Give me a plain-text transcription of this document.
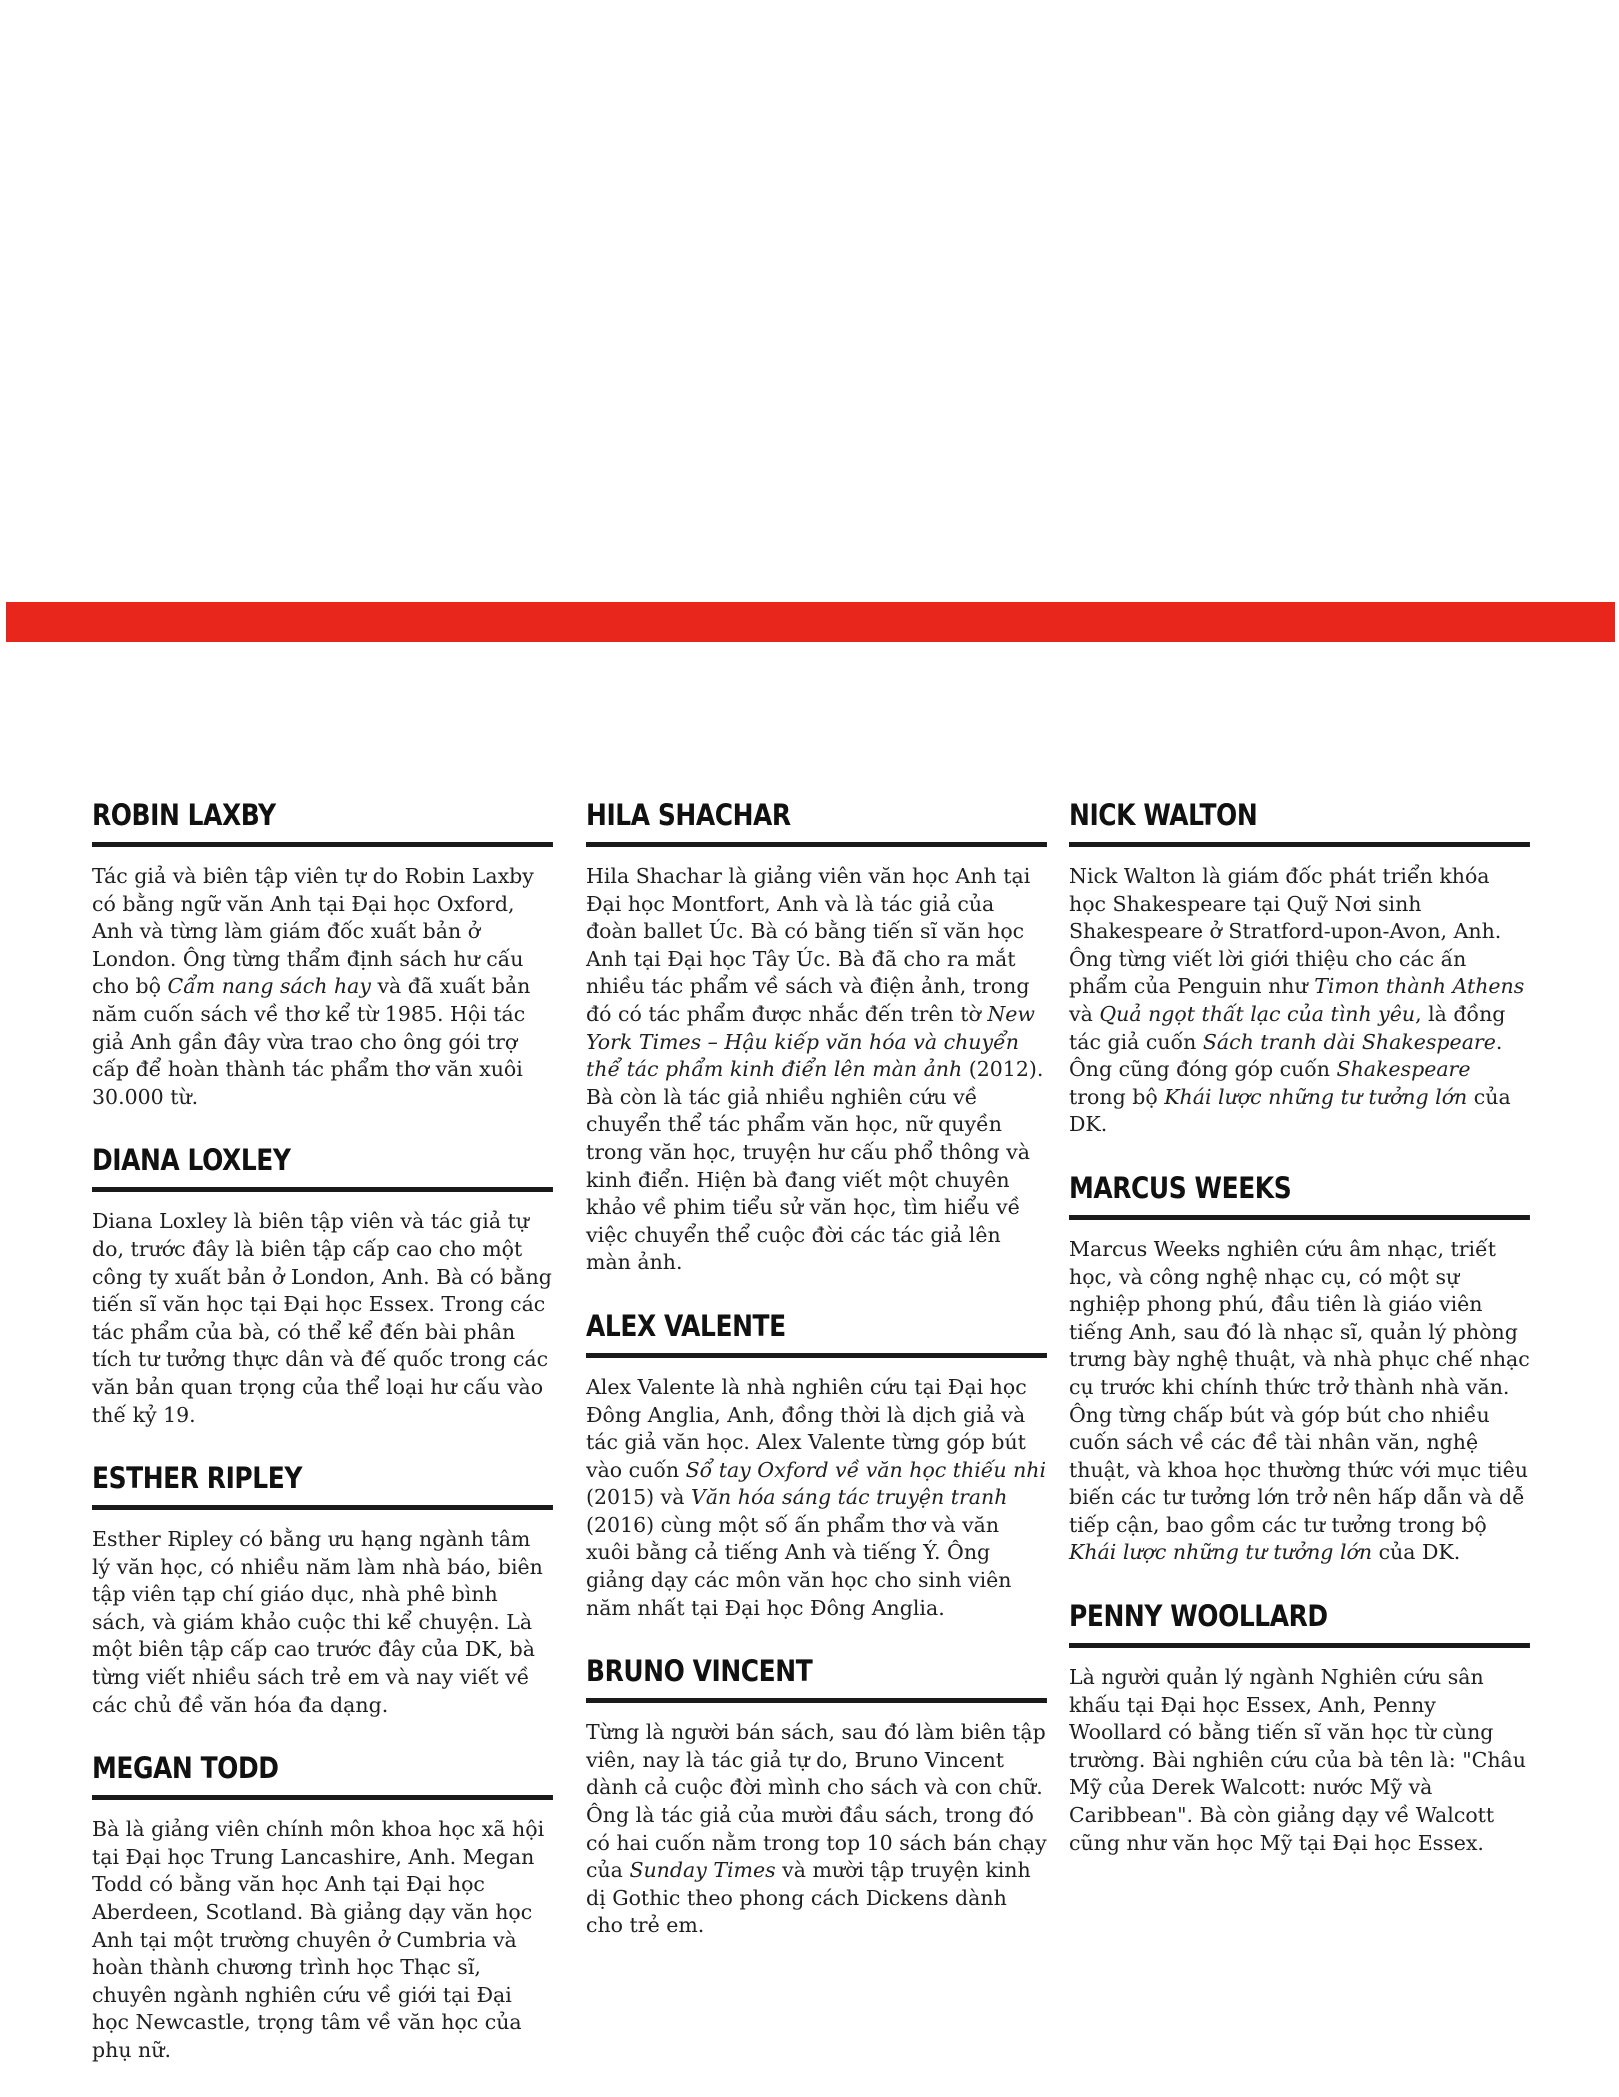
ROBIN LAXBY

Tác giả và biên tập viên tự do Robin Laxby có bằng ngữ văn Anh tại Đại học Oxford, Anh và từng làm giám đốc xuất bản ở London. Ông từng thẩm định sách hư cấu cho bộ Cẩm nang sách hay và đã xuất bản năm cuốn sách về thơ kể từ 1985. Hội tác giả Anh gần đây vừa trao cho ông gói trợ cấp để hoàn thành tác phẩm thơ văn xuôi 30.000 từ.

DIANA LOXLEY

Diana Loxley là biên tập viên và tác giả tự do, trước đây là biên tập cấp cao cho một công ty xuất bản ở London, Anh. Bà có bằng tiến sĩ văn học tại Đại học Essex. Trong các tác phẩm của bà, có thể kể đến bài phân tích tư tưởng thực dân và đế quốc trong các văn bản quan trọng của thể loại hư cấu vào thế kỷ 19.

ESTHER RIPLEY

Esther Ripley có bằng ưu hạng ngành tâm lý văn học, có nhiều năm làm nhà báo, biên tập viên tạp chí giáo dục, nhà phê bình sách, và giám khảo cuộc thi kể chuyện. Là một biên tập cấp cao trước đây của DK, bà từng viết nhiều sách trẻ em và nay viết về các chủ đề văn hóa đa dạng.

MEGAN TODD

Bà là giảng viên chính môn khoa học xã hội tại Đại học Trung Lancashire, Anh. Megan Todd có bằng văn học Anh tại Đại học Aberdeen, Scotland. Bà giảng dạy văn học Anh tại một trường chuyên ở Cumbria và hoàn thành chương trình học Thạc sĩ, chuyên ngành nghiên cứu về giới tại Đại học Newcastle, trọng tâm về văn học của phụ nữ.

HILA SHACHAR

Hila Shachar là giảng viên văn học Anh tại Đại học Montfort, Anh và là tác giả của đoàn ballet Úc. Bà có bằng tiến sĩ văn học Anh tại Đại học Tây Úc. Bà đã cho ra mắt nhiều tác phẩm về sách và điện ảnh, trong đó có tác phẩm được nhắc đến trên tờ New York Times – Hậu kiếp văn hóa và chuyển thể tác phẩm kinh điển lên màn ảnh (2012). Bà còn là tác giả nhiều nghiên cứu về chuyển thể tác phẩm văn học, nữ quyền trong văn học, truyện hư cấu phổ thông và kinh điển. Hiện bà đang viết một chuyên khảo về phim tiểu sử văn học, tìm hiểu về việc chuyển thể cuộc đời các tác giả lên màn ảnh.

ALEX VALENTE

Alex Valente là nhà nghiên cứu tại Đại học Đông Anglia, Anh, đồng thời là dịch giả và tác giả văn học. Alex Valente từng góp bút vào cuốn Sổ tay Oxford về văn học thiếu nhi (2015) và Văn hóa sáng tác truyện tranh (2016) cùng một số ấn phẩm thơ và văn xuôi bằng cả tiếng Anh và tiếng Ý. Ông giảng dạy các môn văn học cho sinh viên năm nhất tại Đại học Đông Anglia.

BRUNO VINCENT

Từng là người bán sách, sau đó làm biên tập viên, nay là tác giả tự do, Bruno Vincent dành cả cuộc đời mình cho sách và con chữ. Ông là tác giả của mười đầu sách, trong đó có hai cuốn nằm trong top 10 sách bán chạy của Sunday Times và mười tập truyện kinh dị Gothic theo phong cách Dickens dành cho trẻ em.

NICK WALTON

Nick Walton là giám đốc phát triển khóa học Shakespeare tại Quỹ Nơi sinh Shakespeare ở Stratford-upon-Avon, Anh. Ông từng viết lời giới thiệu cho các ấn phẩm của Penguin như Timon thành Athens và Quả ngọt thất lạc của tình yêu, là đồng tác giả cuốn Sách tranh dài Shakespeare. Ông cũng đóng góp cuốn Shakespeare trong bộ Khái lược những tư tưởng lớn của DK.

MARCUS WEEKS

Marcus Weeks nghiên cứu âm nhạc, triết học, và công nghệ nhạc cụ, có một sự nghiệp phong phú, đầu tiên là giáo viên tiếng Anh, sau đó là nhạc sĩ, quản lý phòng trưng bày nghệ thuật, và nhà phục chế nhạc cụ trước khi chính thức trở thành nhà văn. Ông từng chấp bút và góp bút cho nhiều cuốn sách về các đề tài nhân văn, nghệ thuật, và khoa học thường thức với mục tiêu biến các tư tưởng lớn trở nên hấp dẫn và dễ tiếp cận, bao gồm các tư tưởng trong bộ Khái lược những tư tưởng lớn của DK.

PENNY WOOLLARD

Là người quản lý ngành Nghiên cứu sân khấu tại Đại học Essex, Anh, Penny Woollard có bằng tiến sĩ văn học từ cùng trường. Bài nghiên cứu của bà tên là: "Châu Mỹ của Derek Walcott: nước Mỹ và Caribbean". Bà còn giảng dạy về Walcott cũng như văn học Mỹ tại Đại học Essex.
